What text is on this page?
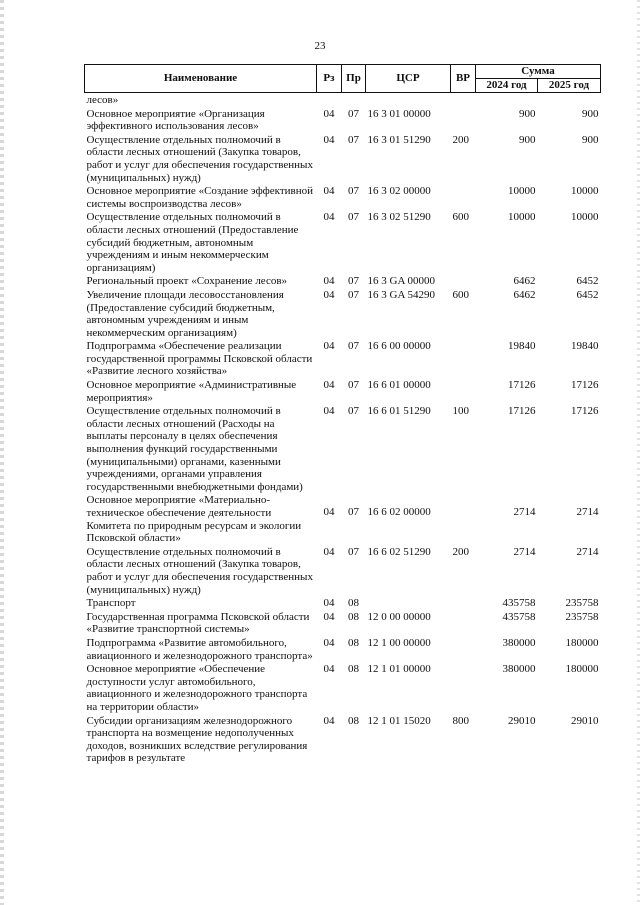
23
Наименование	Рз	Пр	ЦСР	ВР	Сумма	
					2024 год	2025 год
лесов»						
Основное мероприятие «Организация эффективного использования лесов»	04	07	16 3 01 00000		900	900
Осуществление отдельных полномочий в области лесных отношений (Закупка товаров, работ и услуг для обеспечения государственных (муниципальных) нужд)	04	07	16 3 01 51290	200	900	900
Основное мероприятие «Создание эффективной системы воспроизводства лесов»	04	07	16 3 02 00000		10000	10000
Осуществление отдельных полномочий в области лесных отношений (Предоставление субсидий бюджетным, автономным учреждениям и иным некоммерческим организациям)	04	07	16 3 02 51290	600	10000	10000
Региональный проект «Сохранение лесов»	04	07	16 3 GA 00000		6462	6452
Увеличение площади лесовосстановления (Предоставление субсидий бюджетным, автономным учреждениям и иным некоммерческим организациям)	04	07	16 3 GA 54290	600	6462	6452
Подпрограмма «Обеспечение реализации государственной программы Псковской области «Развитие лесного хозяйства»	04	07	16 6 00 00000		19840	19840
Основное мероприятие «Административные мероприятия»	04	07	16 6 01 00000		17126	17126
Осуществление отдельных полномочий в области лесных отношений (Расходы на выплаты персоналу в целях обеспечения выполнения функций государственными (муниципальными) органами, казенными учреждениями, органами управления государственными внебюджетными фондами)	04	07	16 6 01 51290	100	17126	17126
Основное мероприятие «Материально-техническое обеспечение деятельности Комитета по природным ресурсам и экологии Псковской области»	04	07	16 6 02 00000		2714	2714
Осуществление отдельных полномочий в области лесных отношений (Закупка товаров, работ и услуг для обеспечения государственных (муниципальных) нужд)	04	07	16 6 02 51290	200	2714	2714
Транспорт	04	08			435758	235758
Государственная программа Псковской области «Развитие транспортной системы»	04	08	12 0 00 00000		435758	235758
Подпрограмма «Развитие автомобильного, авиационного и железнодорожного транспорта»	04	08	12 1 00 00000		380000	180000
Основное мероприятие «Обеспечение доступности услуг автомобильного, авиационного и железнодорожного транспорта на территории области»	04	08	12 1 01 00000		380000	180000
Субсидии организациям железнодорожного транспорта на возмещение недополученных доходов, возникших вследствие регулирования тарифов в результате	04	08	12 1 01 15020	800	29010	29010
